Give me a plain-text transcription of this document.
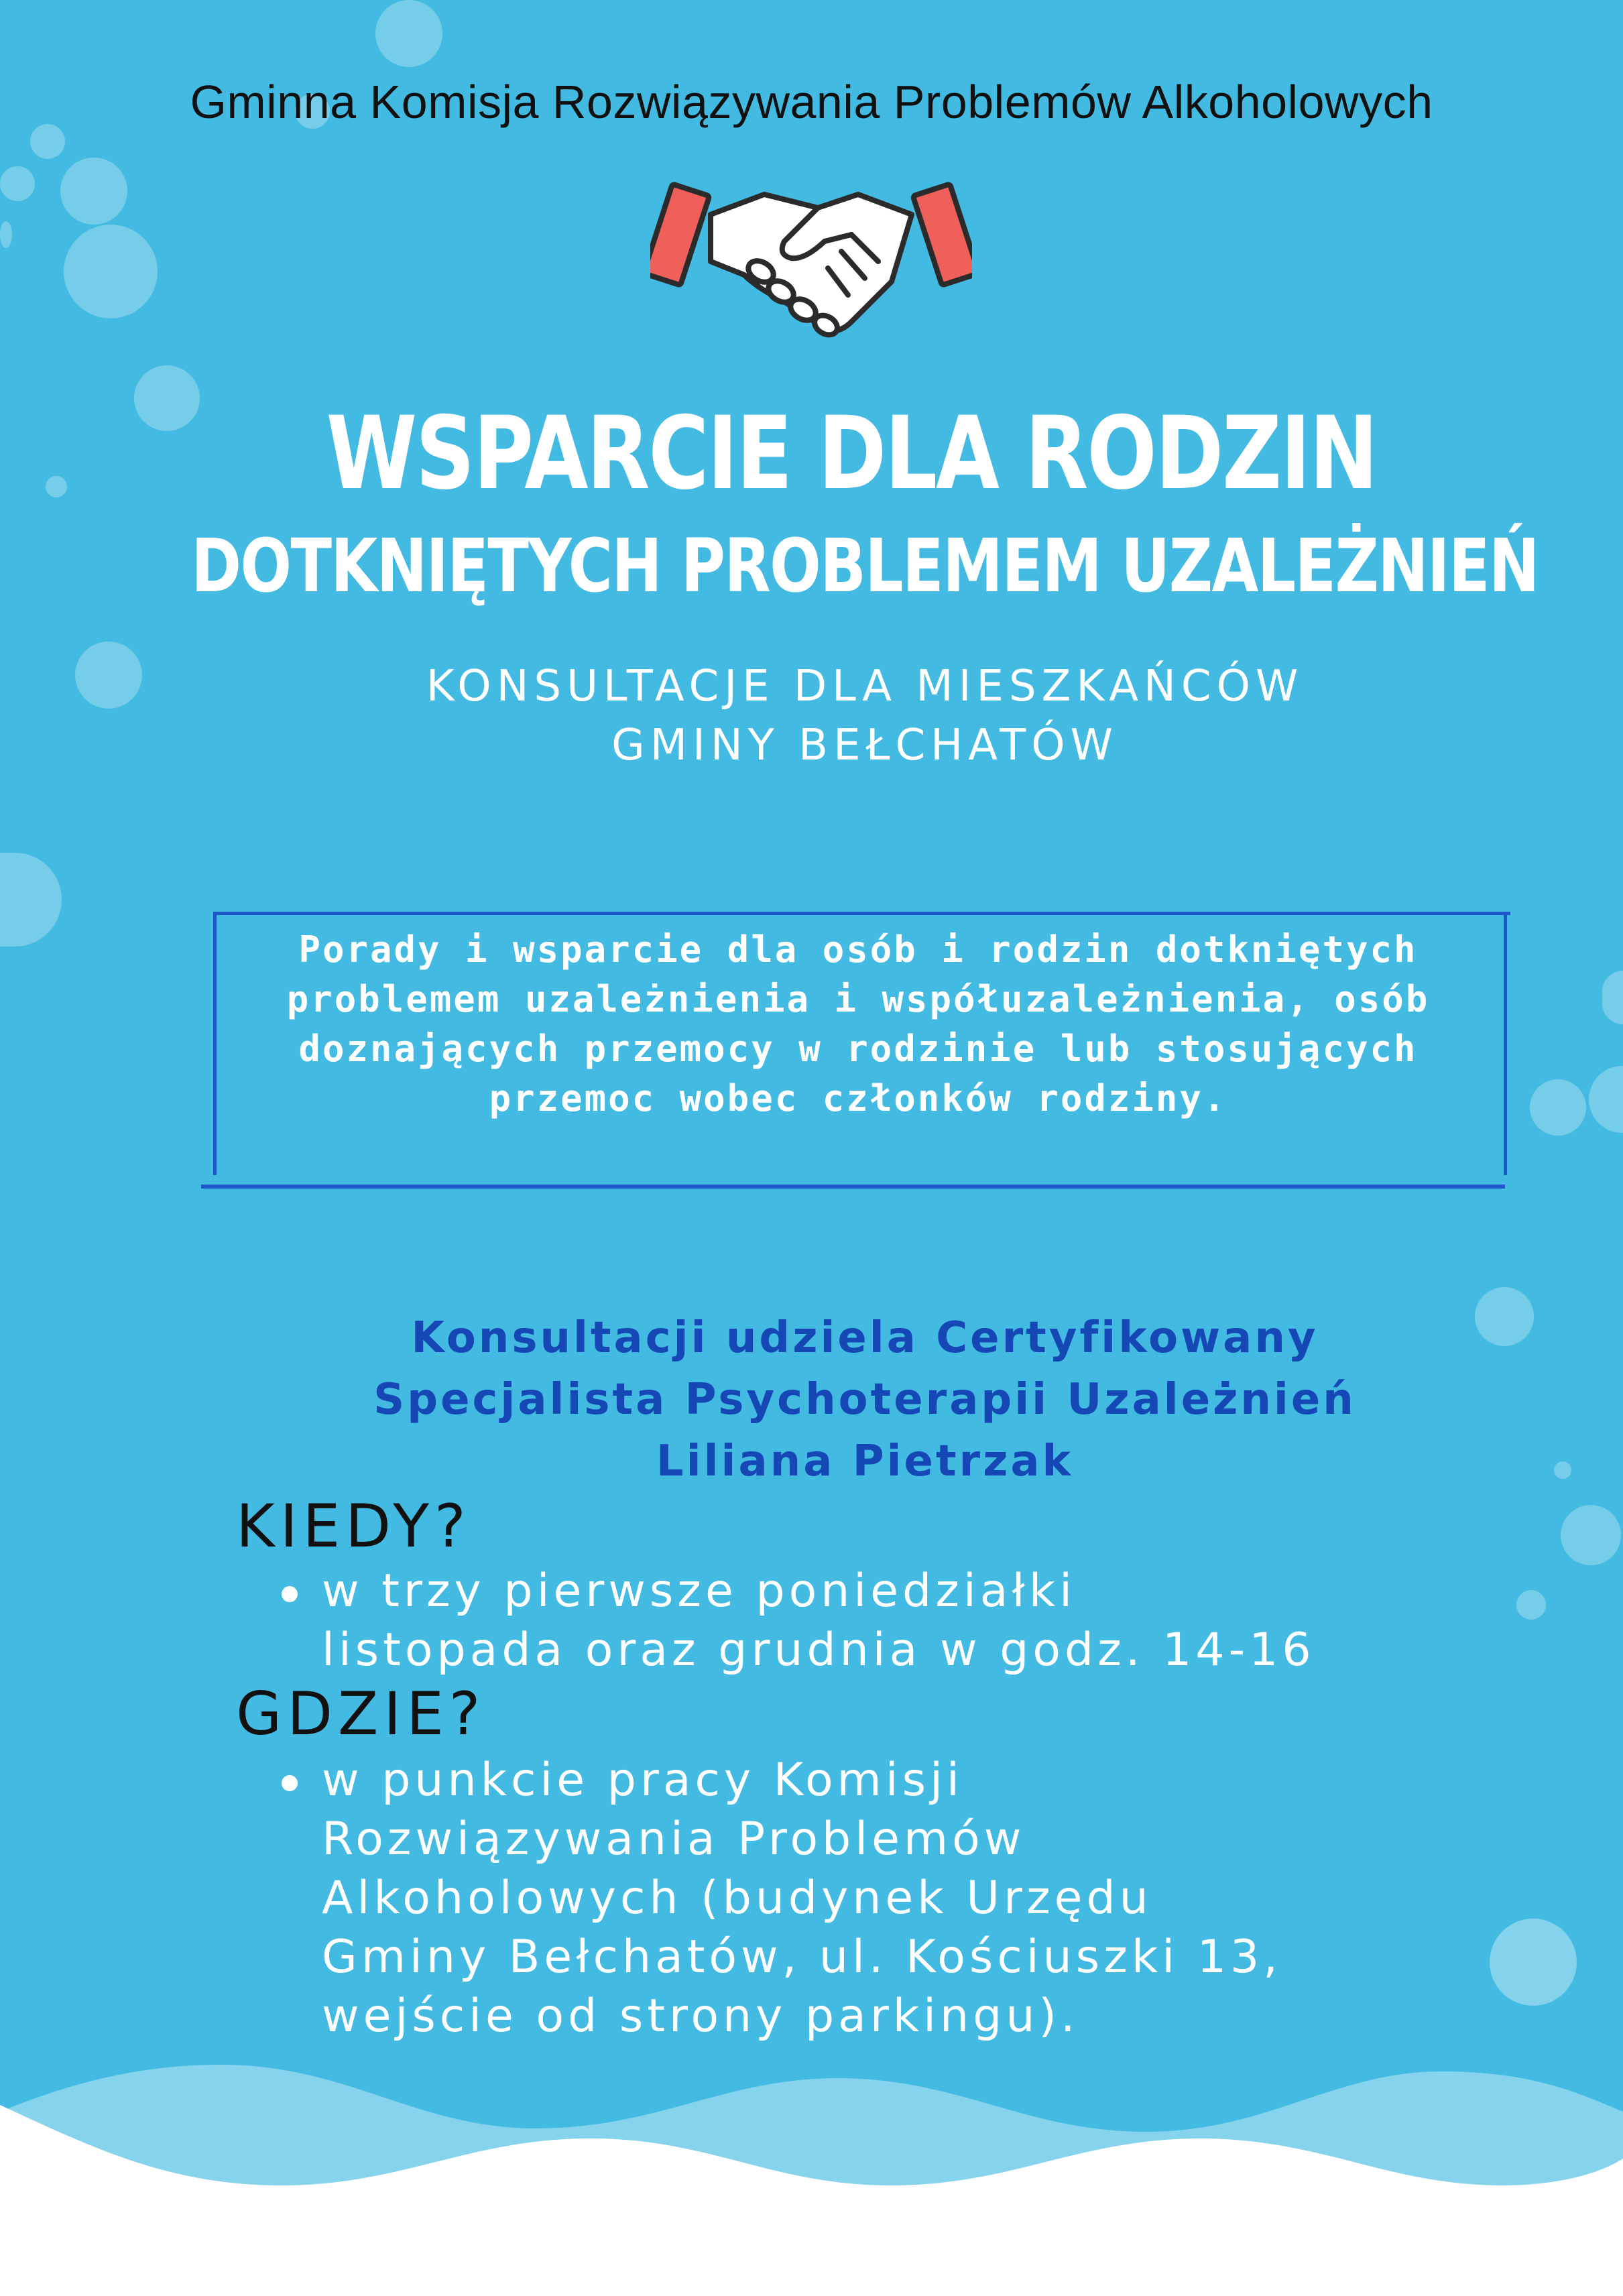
Gminna Komisja Rozwiązywania Problemów Alkoholowych
WSPARCIE DLA RODZIN
DOTKNIĘTYCH PROBLEMEM UZALEŻNIEŃ
KONSULTACJE DLA MIESZKAŃCÓW
GMINY BEŁCHATÓW
Porady i wsparcie dla osób i rodzin dotkniętych
problemem uzależnienia i współuzależnienia, osób
doznających przemocy w rodzinie lub stosujących
przemoc wobec członków rodziny.
Konsultacji udziela Certyfikowany
Specjalista Psychoterapii Uzależnień
Liliana Pietrzak
KIEDY?
w trzy pierwsze poniedziałki
listopada oraz grudnia w godz. 14-16
GDZIE?
w punkcie pracy Komisji
Rozwiązywania Problemów
Alkoholowych (budynek Urzędu
Gminy Bełchatów, ul. Kościuszki 13,
wejście od strony parkingu).
